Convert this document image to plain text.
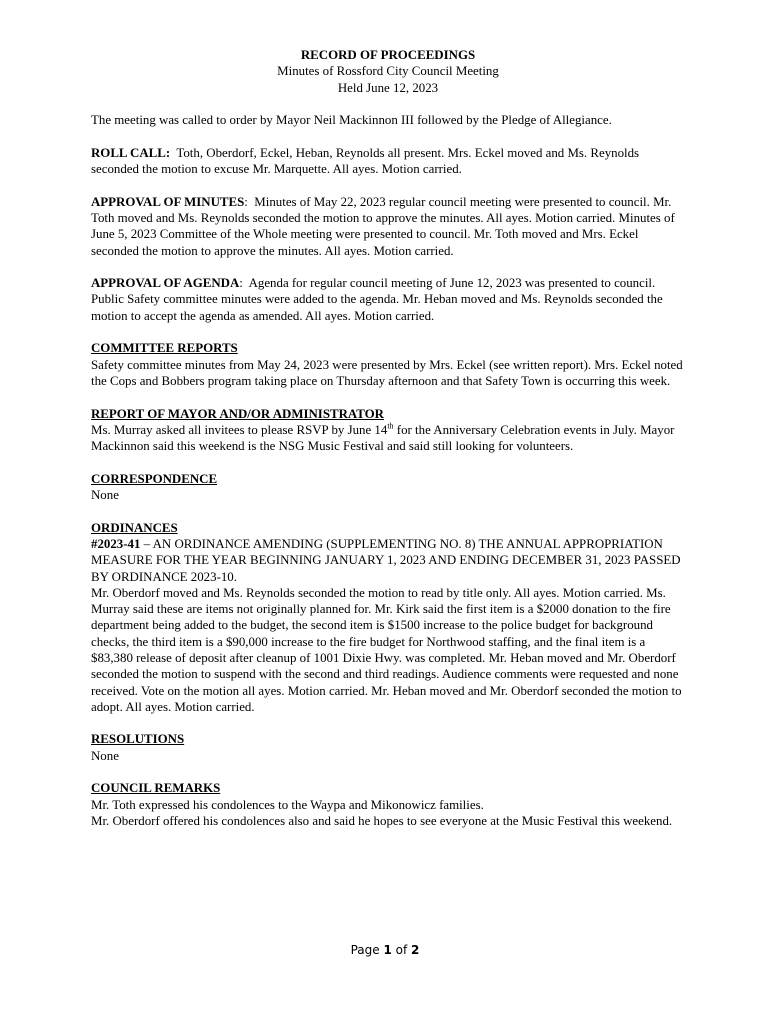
RECORD OF PROCEEDINGS

Minutes of Rossford City Council Meeting

Held June 12, 2023

The meeting was called to order by Mayor Neil Mackinnon III followed by the Pledge of Allegiance.

ROLL CALL:  Toth, Oberdorf, Eckel, Heban, Reynolds all present. Mrs. Eckel moved and Ms. Reynolds seconded the motion to excuse Mr. Marquette. All ayes. Motion carried.

APPROVAL OF MINUTES:  Minutes of May 22, 2023 regular council meeting were presented to council. Mr. Toth moved and Ms. Reynolds seconded the motion to approve the minutes. All ayes. Motion carried. Minutes of June 5, 2023 Committee of the Whole meeting were presented to council. Mr. Toth moved and Mrs. Eckel seconded the motion to approve the minutes. All ayes. Motion carried.

APPROVAL OF AGENDA:  Agenda for regular council meeting of June 12, 2023 was presented to council. Public Safety committee minutes were added to the agenda. Mr. Heban moved and Ms. Reynolds seconded the motion to accept the agenda as amended. All ayes. Motion carried.

COMMITTEE REPORTS

Safety committee minutes from May 24, 2023 were presented by Mrs. Eckel (see written report). Mrs. Eckel noted the Cops and Bobbers program taking place on Thursday afternoon and that Safety Town is occurring this week.

REPORT OF MAYOR AND/OR ADMINISTRATOR

Ms. Murray asked all invitees to please RSVP by June 14th for the Anniversary Celebration events in July. Mayor Mackinnon said this weekend is the NSG Music Festival and said still looking for volunteers.

CORRESPONDENCE

None

ORDINANCES

#2023-41 – AN ORDINANCE AMENDING (SUPPLEMENTING NO. 8) THE ANNUAL APPROPRIATION MEASURE FOR THE YEAR BEGINNING JANUARY 1, 2023 AND ENDING DECEMBER 31, 2023 PASSED BY ORDINANCE 2023-10.

Mr. Oberdorf moved and Ms. Reynolds seconded the motion to read by title only. All ayes. Motion carried. Ms. Murray said these are items not originally planned for. Mr. Kirk said the first item is a $2000 donation to the fire department being added to the budget, the second item is $1500 increase to the police budget for background checks, the third item is a $90,000 increase to the fire budget for Northwood staffing, and the final item is a $83,380 release of deposit after cleanup of 1001 Dixie Hwy. was completed. Mr. Heban moved and Mr. Oberdorf seconded the motion to suspend with the second and third readings. Audience comments were requested and none received. Vote on the motion all ayes. Motion carried. Mr. Heban moved and Mr. Oberdorf seconded the motion to adopt. All ayes. Motion carried.

RESOLUTIONS

None

COUNCIL REMARKS

Mr. Toth expressed his condolences to the Waypa and Mikonowicz families.

Mr. Oberdorf offered his condolences also and said he hopes to see everyone at the Music Festival this weekend.

Page 1 of 2
